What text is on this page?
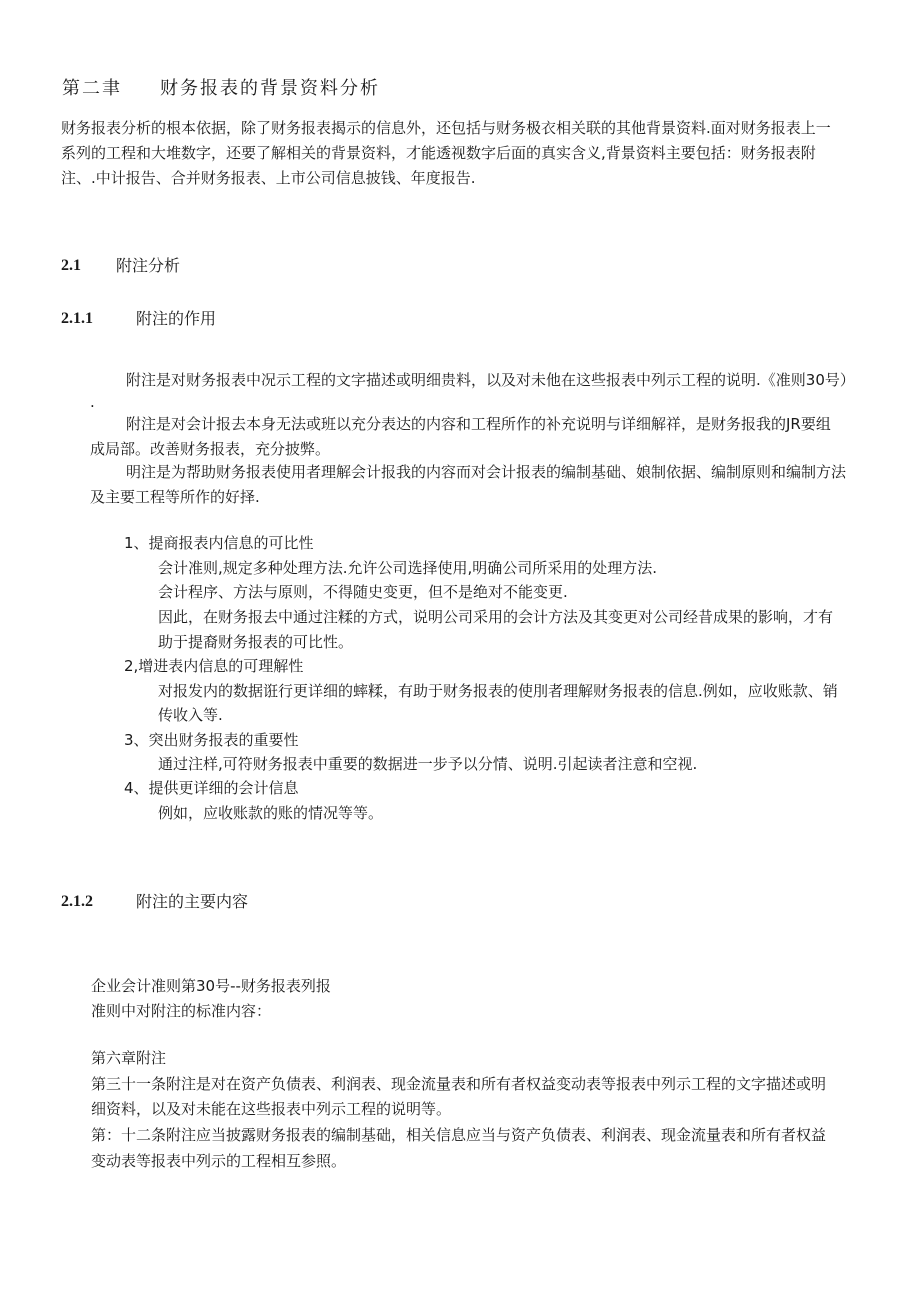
第二聿 财务报表的背景资料分析
财务报表分析的根本依据，除了财务报表揭示的信息外，还包括与财务极衣相关联的其他背景资料.面对财务报表上一
系列的工程和大堆数字，还要了解相关的背景资料，才能透视数字后面的真实含义,背景资料主要包括：财务报表附
注、.中计报告、合并财务报表、上市公司信息披钱、年度报告.
2.1 附注分析
2.1.1	附注的作用
附注是对财务报表中况示工程的文字描述或明细贵料，以及对未他在这些报表中列示工程的说明.《准则30号）
.
附注是对会计报去本身无法或班以充分表达的内容和工程所作的补充说明与详细解祥，是财务报我的JR要组
成局部。改善财务报表，充分披弊。
明注是为帮助财务报表使用者理解会计报我的内容而对会计报表的编制基础、娘制依据、编制原则和编制方法
及主要工程等所作的好择.
1、提商报表内信息的可比性
会计准则,规定多种处理方法.允许公司选择使用,明确公司所采用的处理方法.
会计程序、方法与原则，不得随史变更，但不是绝对不能变更.
因此，在财务报去中通过注糅的方式，说明公司采用的会计方法及其变更对公司经昔成果的影响，才有
助于提裔财务报表的可比性。
2,增进表内信息的可理解性
对报发内的数据诳行更详细的蟀糅，有助于财务报表的使刖者理解财务报表的信息.例如，应收账款、销
传收入等.
3、突出财务报表的重要性
通过注样,可符财务报表中重要的数据进一步予以分情、说明.引起读者注意和空视.
4、提供更详细的会计信息
例如，应收账款的账的情况等等。
2.1.2	附注的主要内容
企业会计准则第30号--财务报表列报
准则中对附注的标准内容：
第六章附注
第三十一条附注是对在资产负债表、利润表、现金流量表和所有者权益变动表等报表中列示工程的文字描述或明
细资料，以及对未能在这些报表中列示工程的说明等。
第：十二条附注应当披露财务报表的编制基础，相关信息应当与资产负债表、利润表、现金流量表和所有者权益
变动表等报表中列示的工程相互参照。
